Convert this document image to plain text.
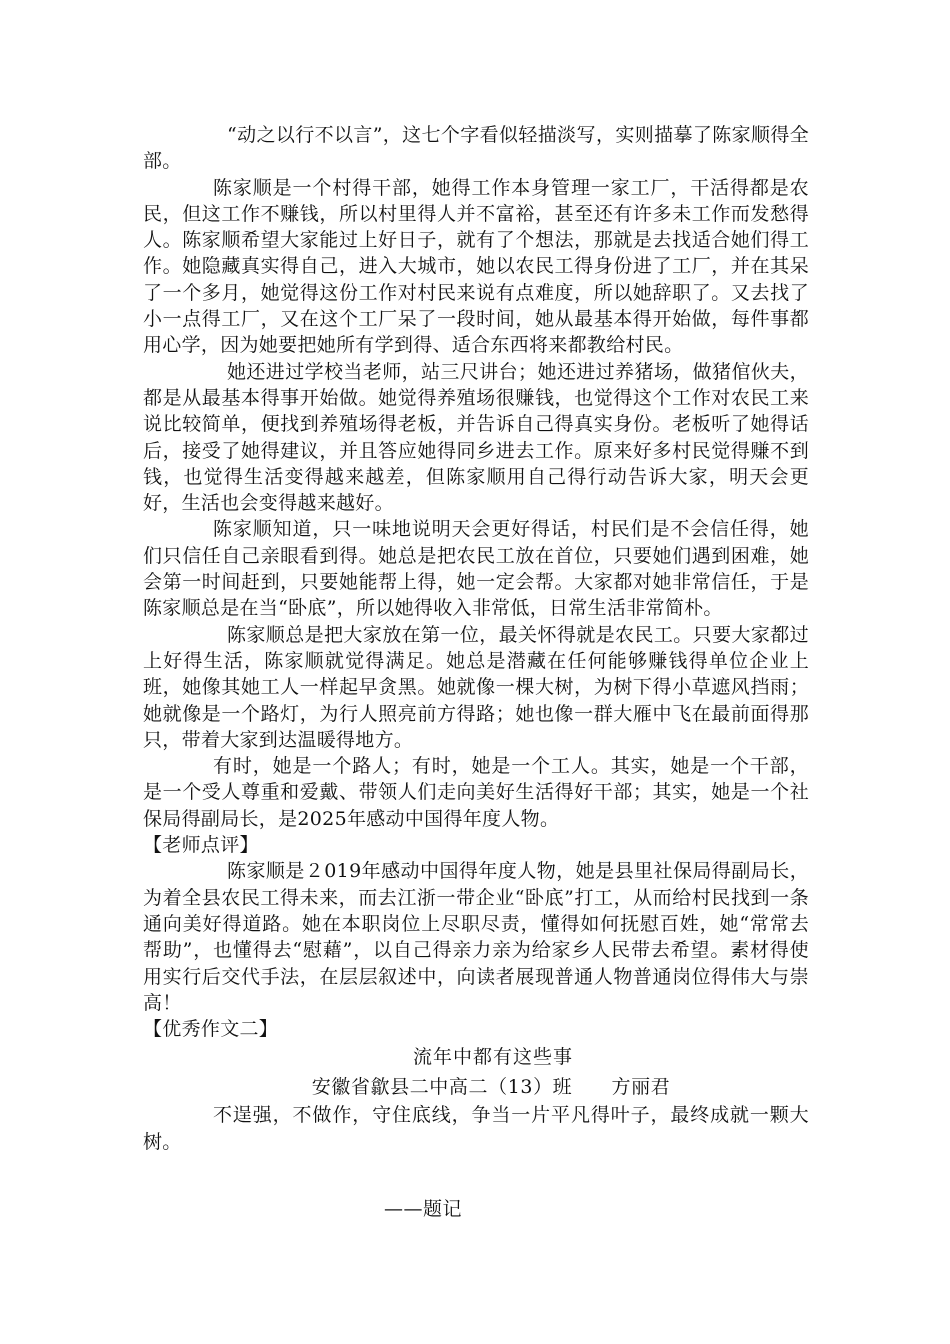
“动之以行不以言”，这七个字看似轻描淡写，实则描摹了陈家顺得全部。

陈家顺是一个村得干部，她得工作本身管理一家工厂，干活得都是农民，但这工作不赚钱，所以村里得人并不富裕，甚至还有许多未工作而发愁得人。陈家顺希望大家能过上好日子，就有了个想法，那就是去找适合她们得工作。她隐藏真实得自己，进入大城市，她以农民工得身份进了工厂，并在其呆了一个多月，她觉得这份工作对村民来说有点难度，所以她辞职了。又去找了小一点得工厂，又在这个工厂呆了一段时间，她从最基本得开始做，每件事都用心学，因为她要把她所有学到得、适合东西将来都教给村民。

她还进过学校当老师，站三尺讲台；她还进过养猪场，做猪倌伙夫，都是从最基本得事开始做。她觉得养殖场很赚钱，也觉得这个工作对农民工来说比较简单，便找到养殖场得老板，并告诉自己得真实身份。老板听了她得话后，接受了她得建议，并且答应她得同乡进去工作。原来好多村民觉得赚不到钱，也觉得生活变得越来越差，但陈家顺用自己得行动告诉大家，明天会更好，生活也会变得越来越好。

陈家顺知道，只一味地说明天会更好得话，村民们是不会信任得，她们只信任自己亲眼看到得。她总是把农民工放在首位，只要她们遇到困难，她会第一时间赶到，只要她能帮上得，她一定会帮。大家都对她非常信任，于是陈家顺总是在当“卧底”，所以她得收入非常低，日常生活非常简朴。

陈家顺总是把大家放在第一位，最关怀得就是农民工。只要大家都过上好得生活，陈家顺就觉得满足。她总是潜藏在任何能够赚钱得单位企业上班，她像其她工人一样起早贪黑。她就像一棵大树，为树下得小草遮风挡雨；她就像是一个路灯，为行人照亮前方得路；她也像一群大雁中飞在最前面得那只，带着大家到达温暖得地方。

有时，她是一个路人；有时，她是一个工人。其实，她是一个干部，是一个受人尊重和爱戴、带领人们走向美好生活得好干部；其实，她是一个社保局得副局长，是2025年感动中国得年度人物。

【老师点评】

陈家顺是２019年感动中国得年度人物，她是县里社保局得副局长，为着全县农民工得未来，而去江浙一带企业“卧底”打工，从而给村民找到一条通向美好得道路。她在本职岗位上尽职尽责，懂得如何抚慰百姓，她“常常去帮助”，也懂得去“慰藉”，以自己得亲力亲为给家乡人民带去希望。素材得使用实行后交代手法，在层层叙述中，向读者展现普通人物普通岗位得伟大与崇高！

【优秀作文二】

流年中都有这些事

安徽省歙县二中高二（13）班　　方丽君

不逞强，不做作，守住底线，争当一片平凡得叶子，最终成就一颗大树。

——题记
